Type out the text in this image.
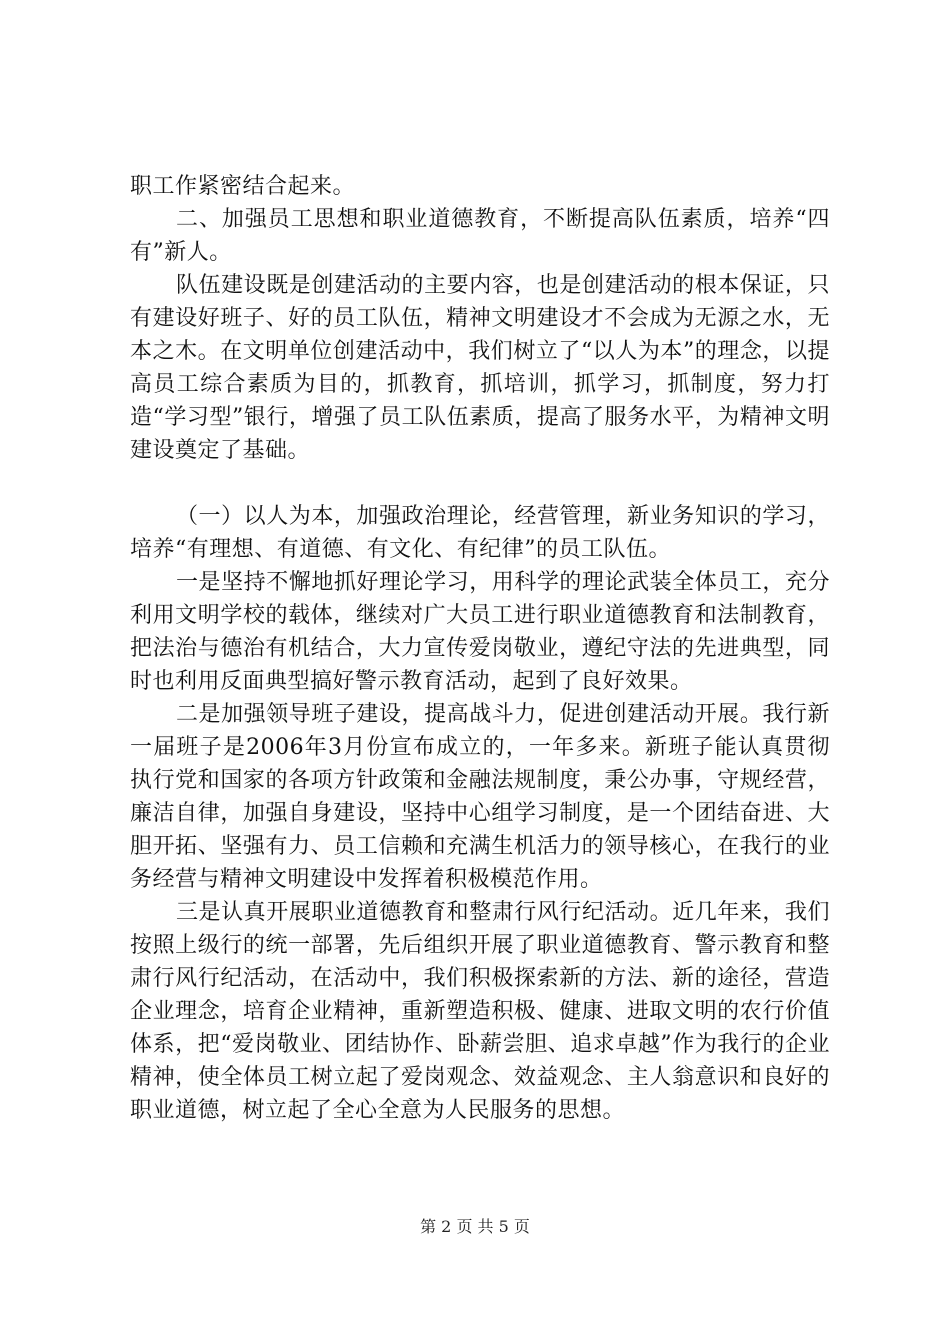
职工作紧密结合起来。

二、加强员工思想和职业道德教育，不断提高队伍素质，培养“四有”新人。

队伍建设既是创建活动的主要内容，也是创建活动的根本保证，只有建设好班子、好的员工队伍，精神文明建设才不会成为无源之水，无本之木。在文明单位创建活动中，我们树立了“以人为本”的理念，以提高员工综合素质为目的，抓教育，抓培训，抓学习，抓制度，努力打造“学习型”银行，增强了员工队伍素质，提高了服务水平，为精神文明建设奠定了基础。

（一）以人为本，加强政治理论，经营管理，新业务知识的学习，培养“有理想、有道德、有文化、有纪律”的员工队伍。

一是坚持不懈地抓好理论学习，用科学的理论武装全体员工，充分利用文明学校的载体，继续对广大员工进行职业道德教育和法制教育，把法治与德治有机结合，大力宣传爱岗敬业，遵纪守法的先进典型，同时也利用反面典型搞好警示教育活动，起到了良好效果。

二是加强领导班子建设，提高战斗力，促进创建活动开展。我行新一届班子是2006年3月份宣布成立的，一年多来。新班子能认真贯彻执行党和国家的各项方针政策和金融法规制度，秉公办事，守规经营，廉洁自律，加强自身建设，坚持中心组学习制度，是一个团结奋进、大胆开拓、坚强有力、员工信赖和充满生机活力的领导核心，在我行的业务经营与精神文明建设中发挥着积极模范作用。

三是认真开展职业道德教育和整肃行风行纪活动。近几年来，我们按照上级行的统一部署，先后组织开展了职业道德教育、警示教育和整肃行风行纪活动，在活动中，我们积极探索新的方法、新的途径，营造企业理念，培育企业精神，重新塑造积极、健康、进取文明的农行价值体系，把“爱岗敬业、团结协作、卧薪尝胆、追求卓越”作为我行的企业精神，使全体员工树立起了爱岗观念、效益观念、主人翁意识和良好的职业道德，树立起了全心全意为人民服务的思想。

第 2 页 共 5 页
